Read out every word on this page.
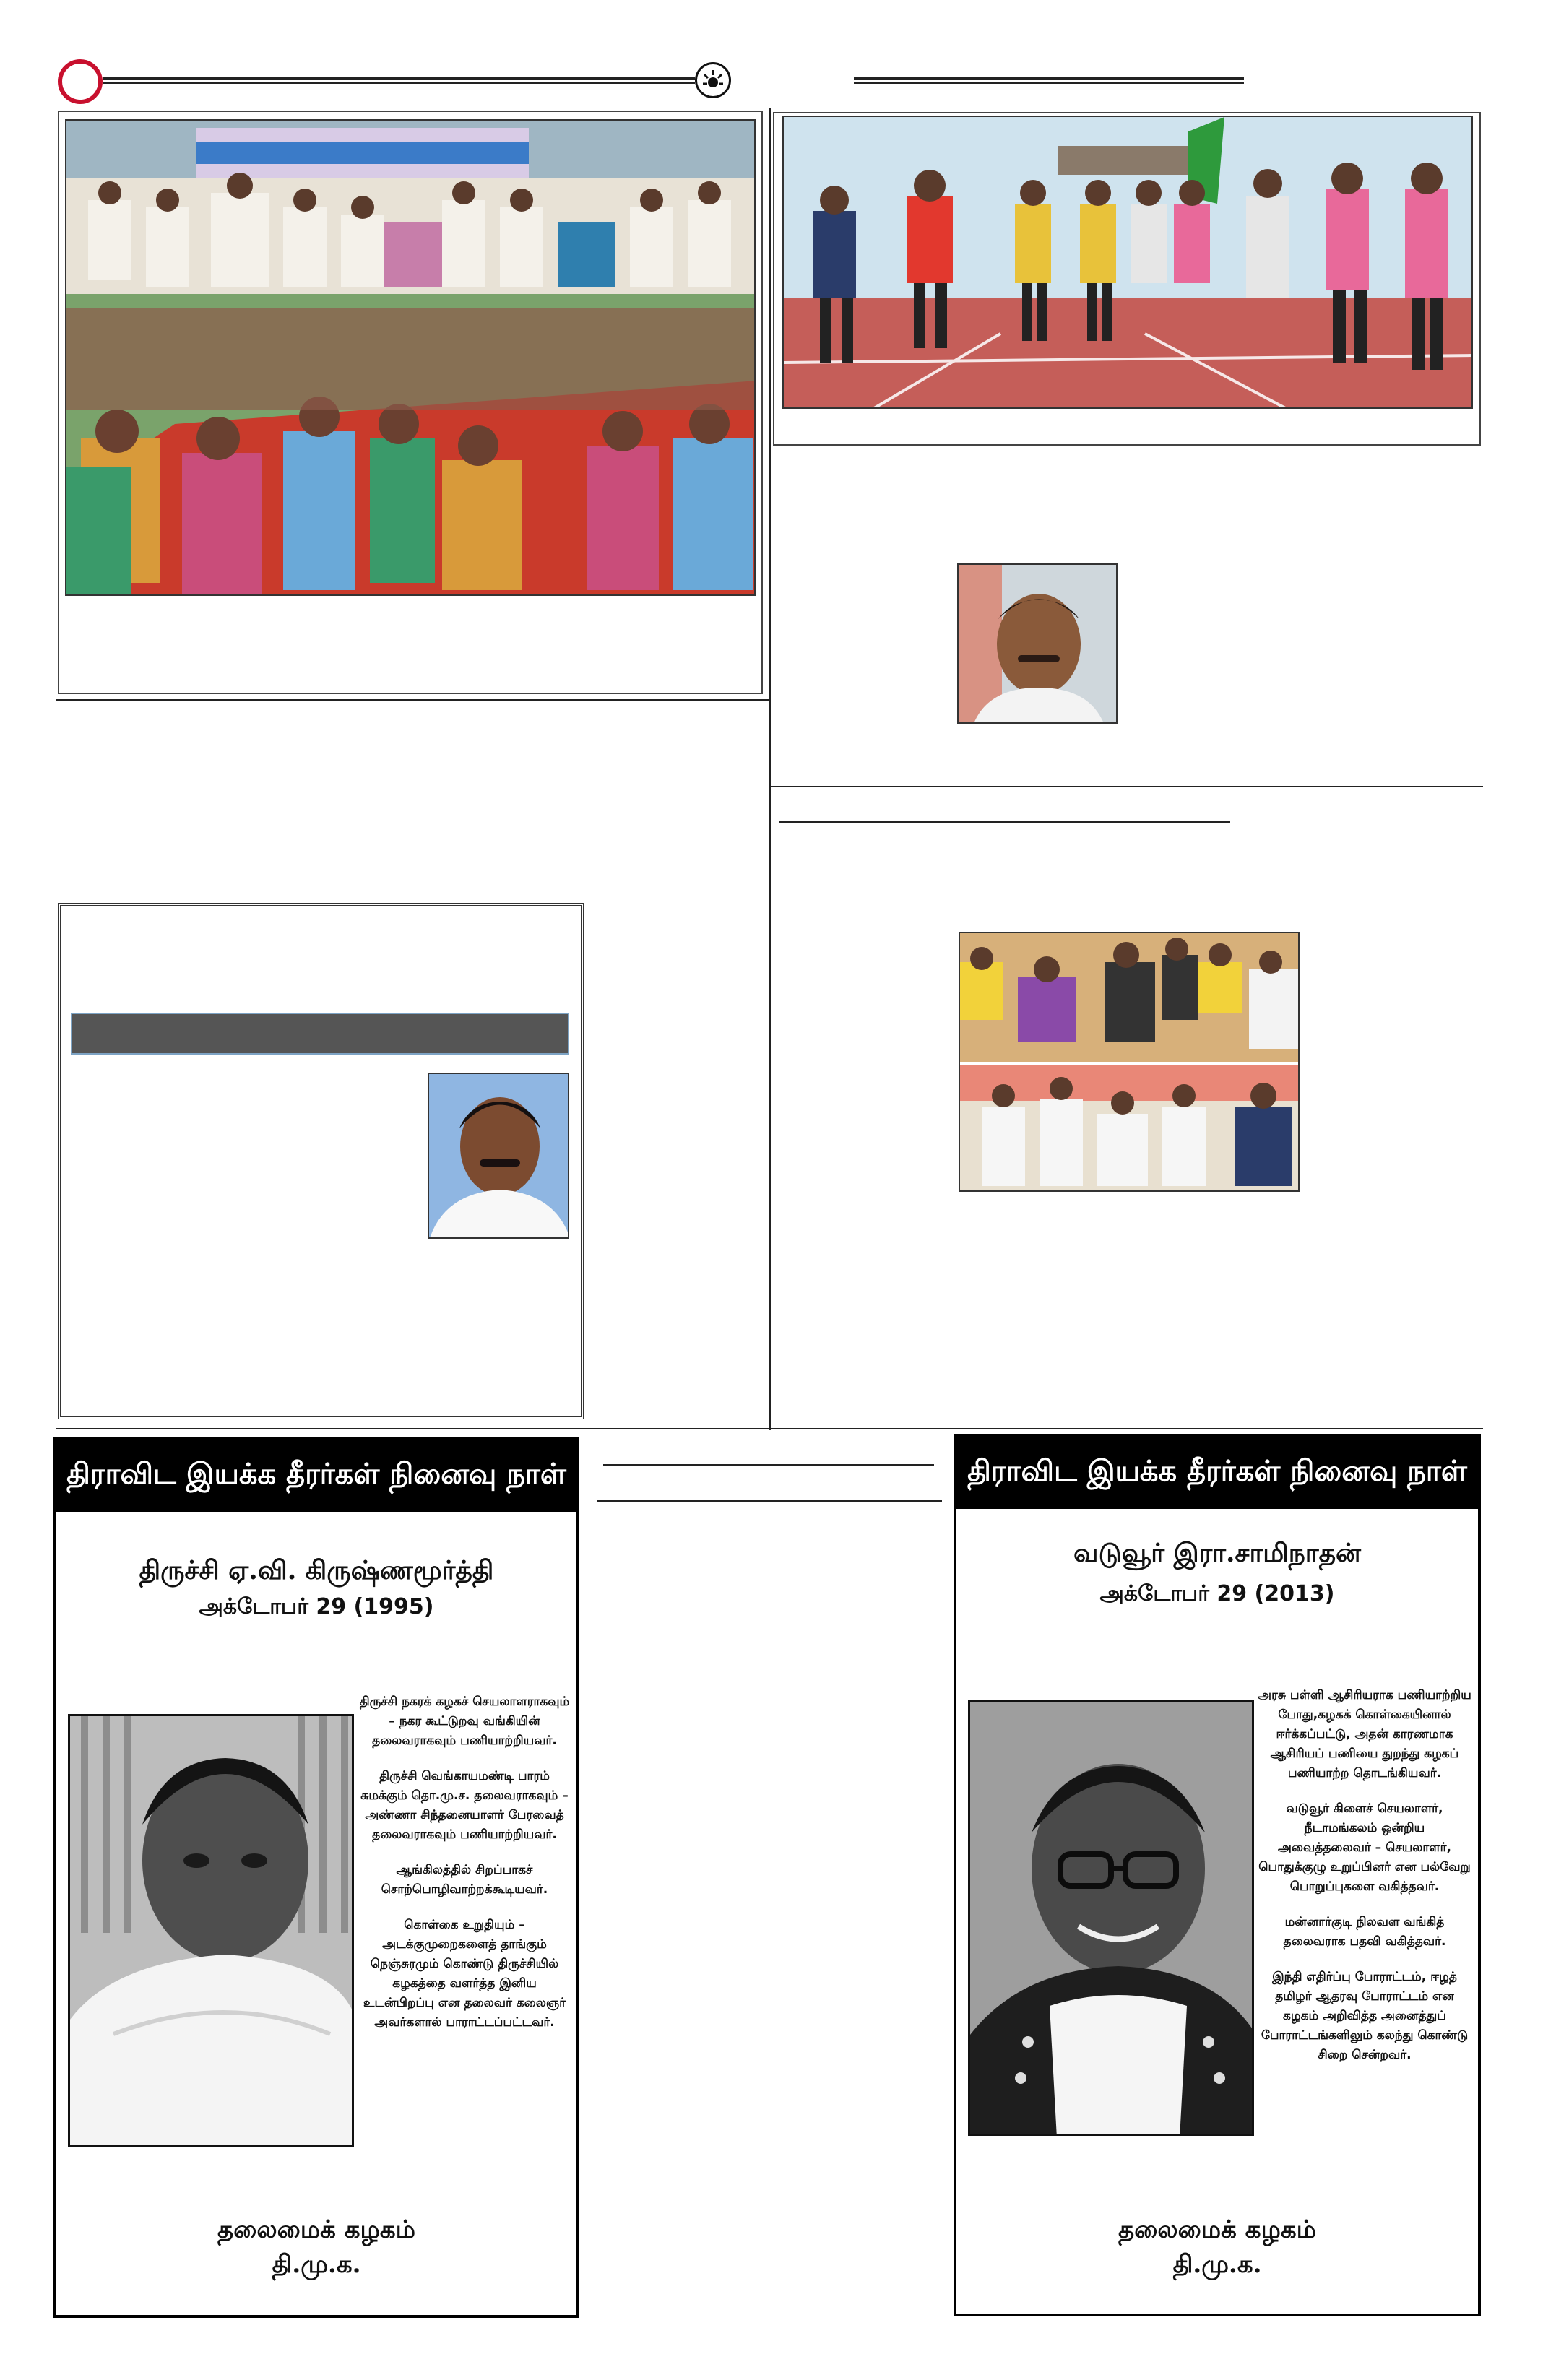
திராவிட இயக்க தீரர்கள் நினைவு நாள்
திருச்சி ஏ.வி. கிருஷ்ணமூர்த்தி
அக்டோபர் 29 (1995)

திருச்சி நகரக் கழகச் செயலாளராகவும் – நகர கூட்டுறவு வங்கியின் தலைவராகவும் பணியாற்றியவர்.

திருச்சி வெங்காயமண்டி பாரம் சுமக்கும் தொ.மு.ச. தலைவராகவும் – அண்ணா சிந்தனையாளர் பேரவைத் தலைவராகவும் பணியாற்றியவர்.

ஆங்கிலத்தில் சிறப்பாகச் சொற்பொழிவாற்றக்கூடியவர்.

கொள்கை உறுதியும் – அடக்குமுறைகளைத் தாங்கும் நெஞ்சுரமும் கொண்டு திருச்சியில் கழகத்தை வளர்த்த இனிய உடன்பிறப்பு என தலைவர் கலைஞர் அவர்களால் பாராட்டப்பட்டவர்.

தலைமைக் கழகம்
தி.மு.க.
திராவிட இயக்க தீரர்கள் நினைவு நாள்
வடுவூர் இரா.சாமிநாதன்
அக்டோபர் 29 (2013)

அரசு பள்ளி ஆசிரியராக பணியாற்றிய போது,கழகக் கொள்கையினால் ஈர்க்கப்பட்டு, அதன் காரணமாக ஆசிரியப் பணியை துறந்து கழகப் பணியாற்ற தொடங்கியவர்.

வடுவூர் கிளைச் செயலாளர், நீடாமங்கலம் ஒன்றிய அவைத்தலைவர் – செயலாளர், பொதுக்குழு உறுப்பினர் என பல்வேறு பொறுப்புகளை வகித்தவர்.

மன்னார்குடி நிலவள வங்கித் தலைவராக பதவி வகித்தவர்.

இந்தி எதிர்ப்பு போராட்டம், ஈழத் தமிழர் ஆதரவு போராட்டம் என கழகம் அறிவித்த அனைத்துப் போராட்டங்களிலும் கலந்து கொண்டு சிறை சென்றவர்.

தலைமைக் கழகம்
தி.மு.க.
